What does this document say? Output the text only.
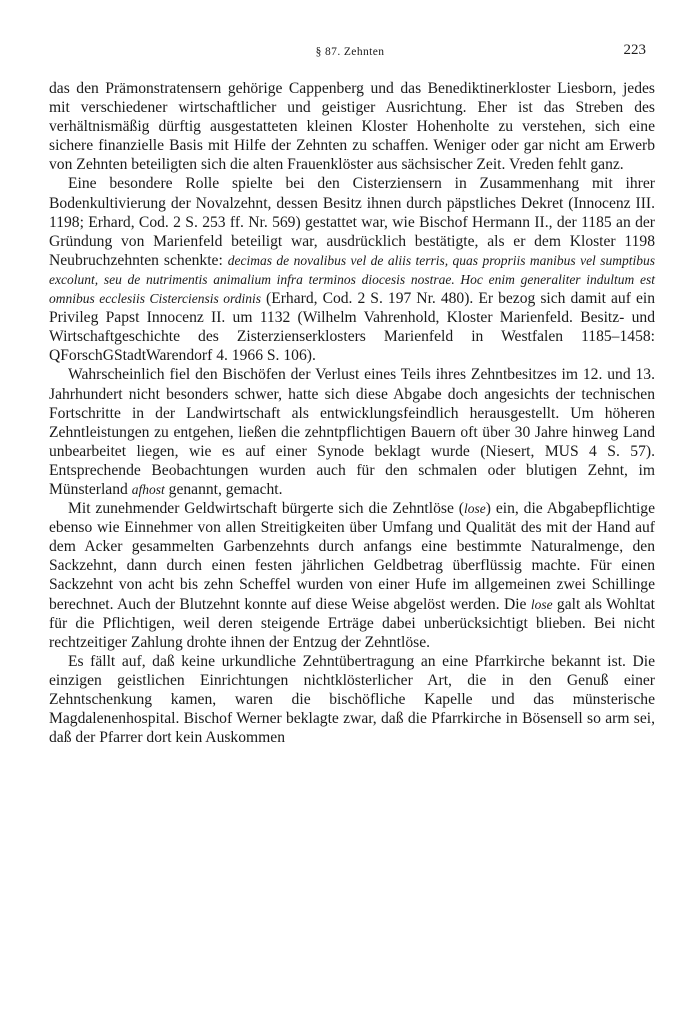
§ 87. Zehnten	223

das den Prämonstratensern gehörige Cappenberg und das Benediktinerkloster Liesborn, jedes mit verschiedener wirtschaftlicher und geistiger Ausrichtung. Eher ist das Streben des verhältnismäßig dürftig ausgestatteten kleinen Kloster Hohenholte zu verstehen, sich eine sichere finanzielle Basis mit Hilfe der Zehnten zu schaffen. Weniger oder gar nicht am Erwerb von Zehnten beteiligten sich die alten Frauenklöster aus sächsischer Zeit. Vreden fehlt ganz.

Eine besondere Rolle spielte bei den Cisterziensern in Zusammenhang mit ihrer Bodenkultivierung der Novalzehnt, dessen Besitz ihnen durch päpstliches Dekret (Innocenz III. 1198; Erhard, Cod. 2 S. 253 ff. Nr. 569) gestattet war, wie Bischof Hermann II., der 1185 an der Gründung von Marienfeld beteiligt war, ausdrücklich bestätigte, als er dem Kloster 1198 Neubruchzehnten schenkte: decimas de novalibus vel de aliis terris, quas propriis manibus vel sumptibus excolunt, seu de nutrimentis animalium infra terminos diocesis nostrae. Hoc enim generaliter indultum est omnibus ecclesiis Cisterciensis ordinis (Erhard, Cod. 2 S. 197 Nr. 480). Er bezog sich damit auf ein Privileg Papst Innocenz II. um 1132 (Wilhelm Vahrenhold, Kloster Marienfeld. Besitz- und Wirtschaftgeschichte des Zisterzienserklosters Marienfeld in Westfalen 1185–1458: QForschGStadtWarendorf 4. 1966 S. 106).

Wahrscheinlich fiel den Bischöfen der Verlust eines Teils ihres Zehntbesitzes im 12. und 13. Jahrhundert nicht besonders schwer, hatte sich diese Abgabe doch angesichts der technischen Fortschritte in der Landwirtschaft als entwicklungsfeindlich herausgestellt. Um höheren Zehntleistungen zu entgehen, ließen die zehntpflichtigen Bauern oft über 30 Jahre hinweg Land unbearbeitet liegen, wie es auf einer Synode beklagt wurde (Niesert, MUS 4 S. 57). Entsprechende Beobachtungen wurden auch für den schmalen oder blutigen Zehnt, im Münsterland afhost genannt, gemacht.

Mit zunehmender Geldwirtschaft bürgerte sich die Zehntlöse (lose) ein, die Abgabepflichtige ebenso wie Einnehmer von allen Streitigkeiten über Umfang und Qualität des mit der Hand auf dem Acker gesammelten Garbenzehnts durch anfangs eine bestimmte Naturalmenge, den Sackzehnt, dann durch einen festen jährlichen Geldbetrag überflüssig machte. Für einen Sackzehnt von acht bis zehn Scheffel wurden von einer Hufe im allgemeinen zwei Schillinge berechnet. Auch der Blutzehnt konnte auf diese Weise abgelöst werden. Die lose galt als Wohltat für die Pflichtigen, weil deren steigende Erträge dabei unberücksichtigt blieben. Bei nicht rechtzeitiger Zahlung drohte ihnen der Entzug der Zehntlöse.

Es fällt auf, daß keine urkundliche Zehntübertragung an eine Pfarrkirche bekannt ist. Die einzigen geistlichen Einrichtungen nichtklösterlicher Art, die in den Genuß einer Zehntschenkung kamen, waren die bischöfliche Kapelle und das münsterische Magdalenenhospital. Bischof Werner beklagte zwar, daß die Pfarrkirche in Bösensell so arm sei, daß der Pfarrer dort kein Auskommen
